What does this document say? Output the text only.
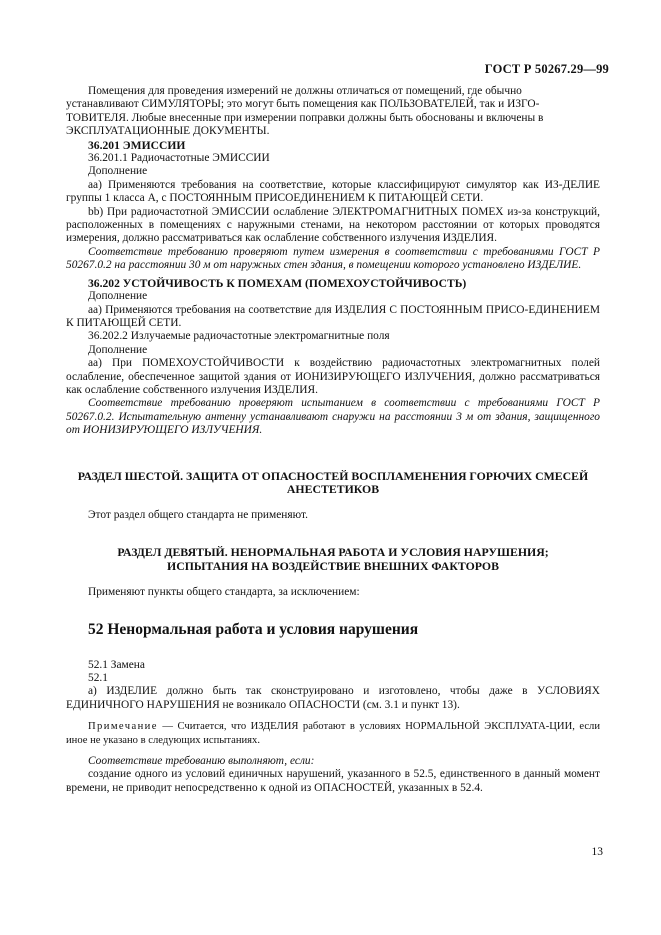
ГОСТ Р 50267.29—99

Помещения для проведения измерений не должны отличаться от помещений, где обычно

устанавливают СИМУЛЯТОРЫ; это могут быть помещения как ПОЛЬЗОВАТЕЛЕЙ, так и ИЗГО-

ТОВИТЕЛЯ. Любые внесенные при измерении поправки должны быть обоснованы и включены в

ЭКСПЛУАТАЦИОННЫЕ ДОКУМЕНТЫ.

36.201 ЭМИССИИ

36.201.1 Радиочастотные ЭМИССИИ

Дополнение

аа) Применяются требования на соответствие, которые классифицируют симулятор как ИЗ-ДЕЛИЕ группы 1 класса А, с ПОСТОЯННЫМ ПРИСОЕДИНЕНИЕМ К ПИТАЮЩЕЙ СЕТИ.

bb) При радиочастотной ЭМИССИИ ослабление ЭЛЕКТРОМАГНИТНЫХ ПОМЕХ из-за конструкций, расположенных в помещениях с наружными стенами, на некотором расстоянии от которых проводятся измерения, должно рассматриваться как ослабление собственного излучения ИЗДЕЛИЯ.

Соответствие требованию проверяют путем измерения в соответствии с требованиями ГОСТ Р 50267.0.2 на расстоянии 30 м от наружных стен здания, в помещении которого установлено ИЗДЕЛИЕ.

36.202 УСТОЙЧИВОСТЬ К ПОМЕХАМ (ПОМЕХОУСТОЙЧИВОСТЬ)

Дополнение

аа) Применяются требования на соответствие для ИЗДЕЛИЯ С ПОСТОЯННЫМ ПРИСО-ЕДИНЕНИЕМ К ПИТАЮЩЕЙ СЕТИ.

36.202.2 Излучаемые радиочастотные электромагнитные поля

Дополнение

аа) При ПОМЕХОУСТОЙЧИВОСТИ к воздействию радиочастотных электромагнитных полей ослабление, обеспеченное защитой здания от ИОНИЗИРУЮЩЕГО ИЗЛУЧЕНИЯ, должно рассматриваться как ослабление собственного излучения ИЗДЕЛИЯ.

Соответствие требованию проверяют испытанием в соответствии с требованиями ГОСТ Р 50267.0.2. Испытательную антенну устанавливают снаружи на расстоянии 3 м от здания, защищенного от ИОНИЗИРУЮЩЕГО ИЗЛУЧЕНИЯ.

РАЗДЕЛ ШЕСТОЙ. ЗАЩИТА ОТ ОПАСНОСТЕЙ ВОСПЛАМЕНЕНИЯ ГОРЮЧИХ СМЕСЕЙ

АНЕСТЕТИКОВ

Этот раздел общего стандарта не применяют.

РАЗДЕЛ ДЕВЯТЫЙ. НЕНОРМАЛЬНАЯ РАБОТА И УСЛОВИЯ НАРУШЕНИЯ;

ИСПЫТАНИЯ НА ВОЗДЕЙСТВИЕ ВНЕШНИХ ФАКТОРОВ

Применяют пункты общего стандарта, за исключением:

52 Ненормальная работа и условия нарушения

52.1 Замена

52.1

а) ИЗДЕЛИЕ должно быть так сконструировано и изготовлено, чтобы даже в УСЛОВИЯХ ЕДИНИЧНОГО НАРУШЕНИЯ не возникало ОПАСНОСТИ (см. 3.1 и пункт 13).

Примечание — Считается, что ИЗДЕЛИЯ работают в условиях НОРМАЛЬНОЙ ЭКСПЛУАТА-ЦИИ, если иное не указано в следующих испытаниях.

Соответствие требованию выполняют, если:

создание одного из условий единичных нарушений, указанного в 52.5, единственного в данный момент времени, не приводит непосредственно к одной из ОПАСНОСТЕЙ, указанных в 52.4.

13
